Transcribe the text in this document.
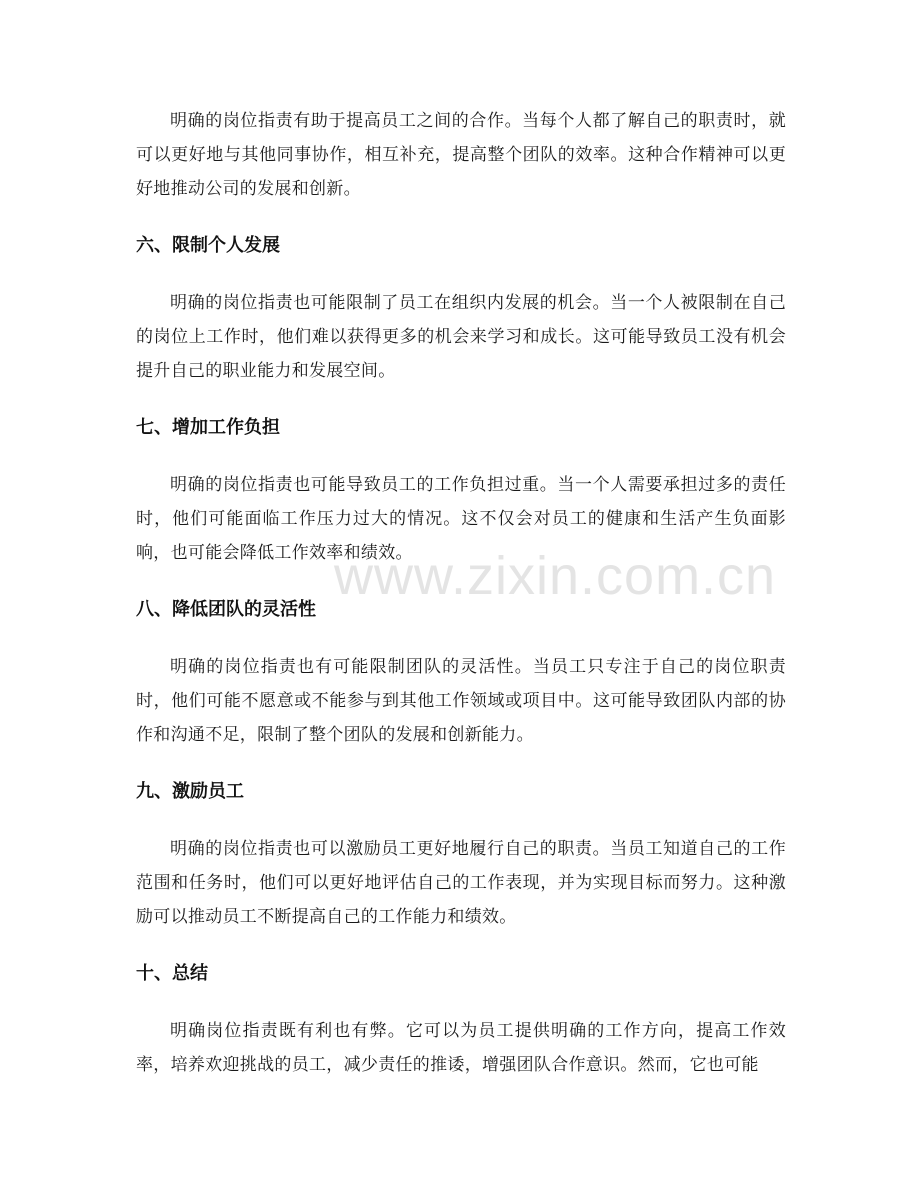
www.zixin.com.cn

明确的岗位指责有助于提高员工之间的合作。当每个人都了解自己的职责时，就可以更好地与其他同事协作，相互补充，提高整个团队的效率。这种合作精神可以更好地推动公司的发展和创新。

六、限制个人发展

明确的岗位指责也可能限制了员工在组织内发展的机会。当一个人被限制在自己的岗位上工作时，他们难以获得更多的机会来学习和成长。这可能导致员工没有机会提升自己的职业能力和发展空间。

七、增加工作负担

明确的岗位指责也可能导致员工的工作负担过重。当一个人需要承担过多的责任时，他们可能面临工作压力过大的情况。这不仅会对员工的健康和生活产生负面影响，也可能会降低工作效率和绩效。

八、降低团队的灵活性

明确的岗位指责也有可能限制团队的灵活性。当员工只专注于自己的岗位职责时，他们可能不愿意或不能参与到其他工作领域或项目中。这可能导致团队内部的协作和沟通不足，限制了整个团队的发展和创新能力。

九、激励员工

明确的岗位指责也可以激励员工更好地履行自己的职责。当员工知道自己的工作范围和任务时，他们可以更好地评估自己的工作表现，并为实现目标而努力。这种激励可以推动员工不断提高自己的工作能力和绩效。

十、总结

明确岗位指责既有利也有弊。它可以为员工提供明确的工作方向，提高工作效率，培养欢迎挑战的员工，减少责任的推诿，增强团队合作意识。然而，它也可能
